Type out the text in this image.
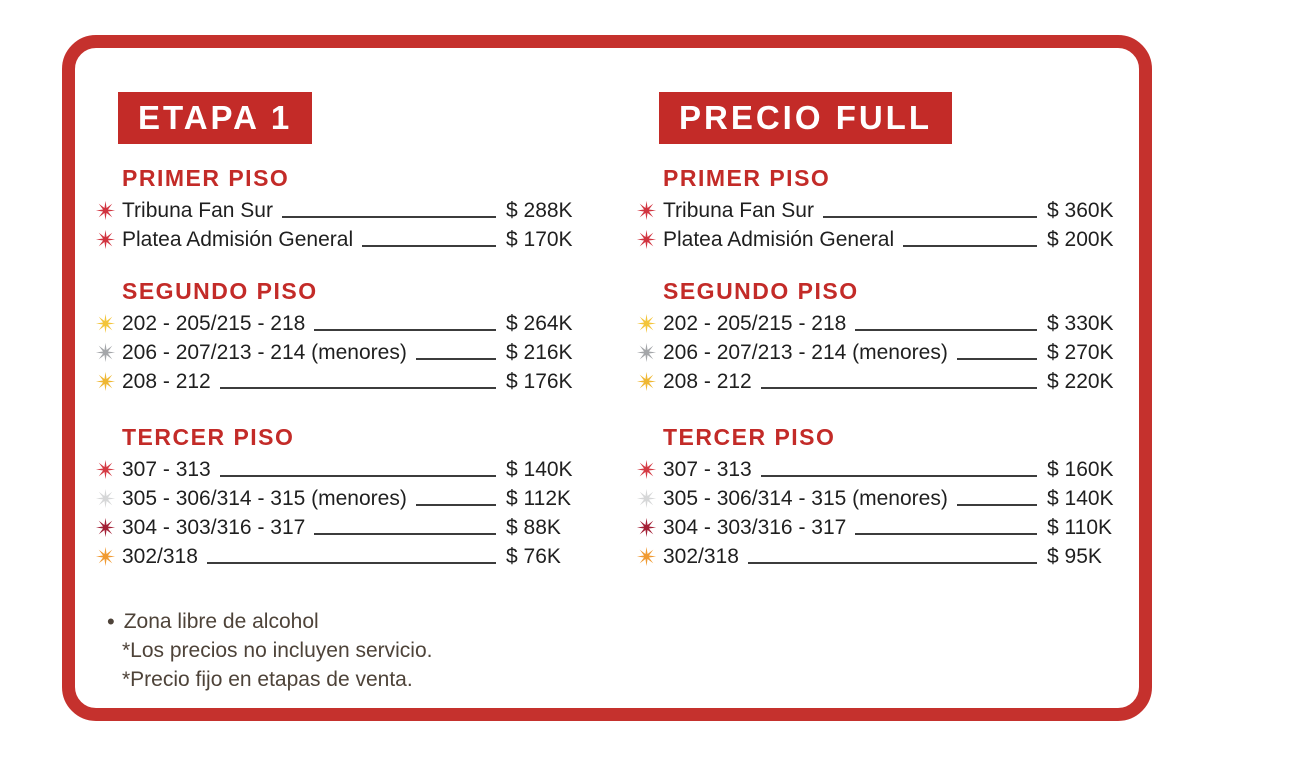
ETAPA 1
PRIMER PISO
Tribuna Fan Sur	$ 288K
Platea Admisión General	$ 170K
SEGUNDO PISO
202 - 205/215 - 218	$ 264K
206 - 207/213 - 214 (menores)	$ 216K
208 - 212	$ 176K
TERCER PISO
307 - 313	$ 140K
305 - 306/314 - 315 (menores)	$ 112K
304 - 303/316 - 317	$ 88K
302/318	$ 76K
PRECIO FULL
PRIMER PISO
Tribuna Fan Sur	$ 360K
Platea Admisión General	$ 200K
SEGUNDO PISO
202 - 205/215 - 218	$ 330K
206 - 207/213 - 214 (menores)	$ 270K
208 - 212	$ 220K
TERCER PISO
307 - 313	$ 160K
305 - 306/314 - 315 (menores)	$ 140K
304 - 303/316 - 317	$ 110K
302/318	$ 95K
• Zona libre de alcohol
*Los precios no incluyen servicio.
*Precio fijo en etapas de venta.
